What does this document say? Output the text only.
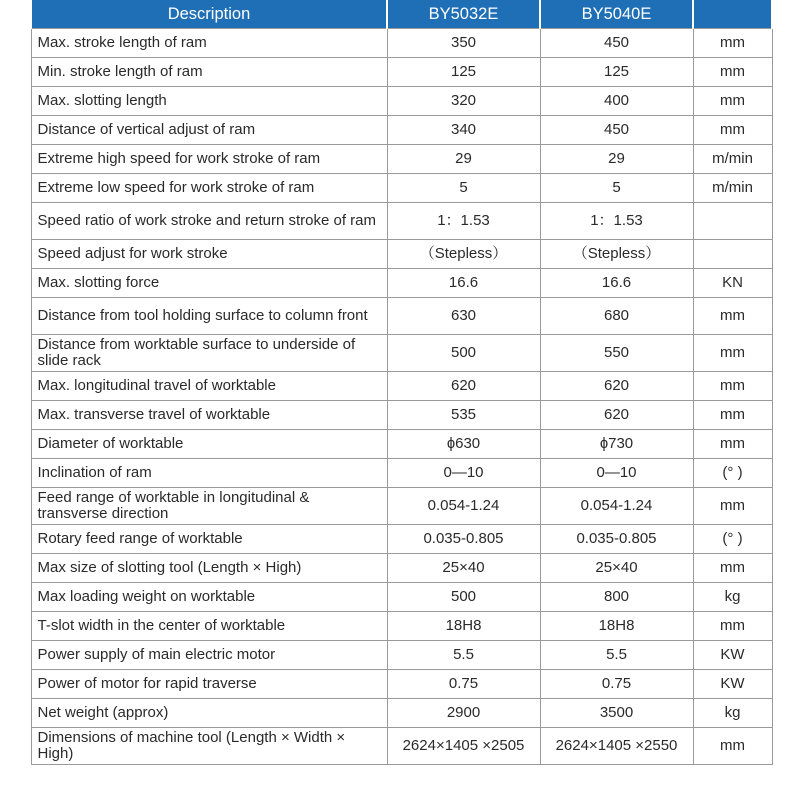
Description	BY5032E	BY5040E	
Max. stroke length of ram	350	450	mm
Min. stroke length of ram	125	125	mm
Max. slotting length	320	400	mm
Distance of vertical adjust of ram	340	450	mm
Extreme high speed for work stroke of ram	29	29	m/min
Extreme low speed for work stroke of ram	5	5	m/min
Speed ratio of work stroke and return stroke of ram	1：1.53	1：1.53	
Speed adjust for work stroke	（Stepless）	（Stepless）	
Max. slotting force	16.6	16.6	KN
Distance from tool holding surface to column front	630	680	mm
Distance from worktable surface to underside of slide rack	500	550	mm
Max. longitudinal travel of worktable	620	620	mm
Max. transverse travel of worktable	535	620	mm
Diameter of worktable	ɸ630	ɸ730	mm
Inclination of ram	0—10	0—10	(° )
Feed range of worktable in longitudinal & transverse direction	0.054-1.24	0.054-1.24	mm
Rotary feed range of worktable	0.035-0.805	0.035-0.805	(° )
Max size of slotting tool (Length × High)	25×40	25×40	mm
Max loading weight on worktable	500	800	kg
T-slot width in the center of worktable	18H8	18H8	mm
Power supply of main electric motor	5.5	5.5	KW
Power of motor for rapid traverse	0.75	0.75	KW
Net weight (approx)	2900	3500	kg
Dimensions of machine tool (Length × Width × High)	2624×1405 ×2505	2624×1405 ×2550	mm
